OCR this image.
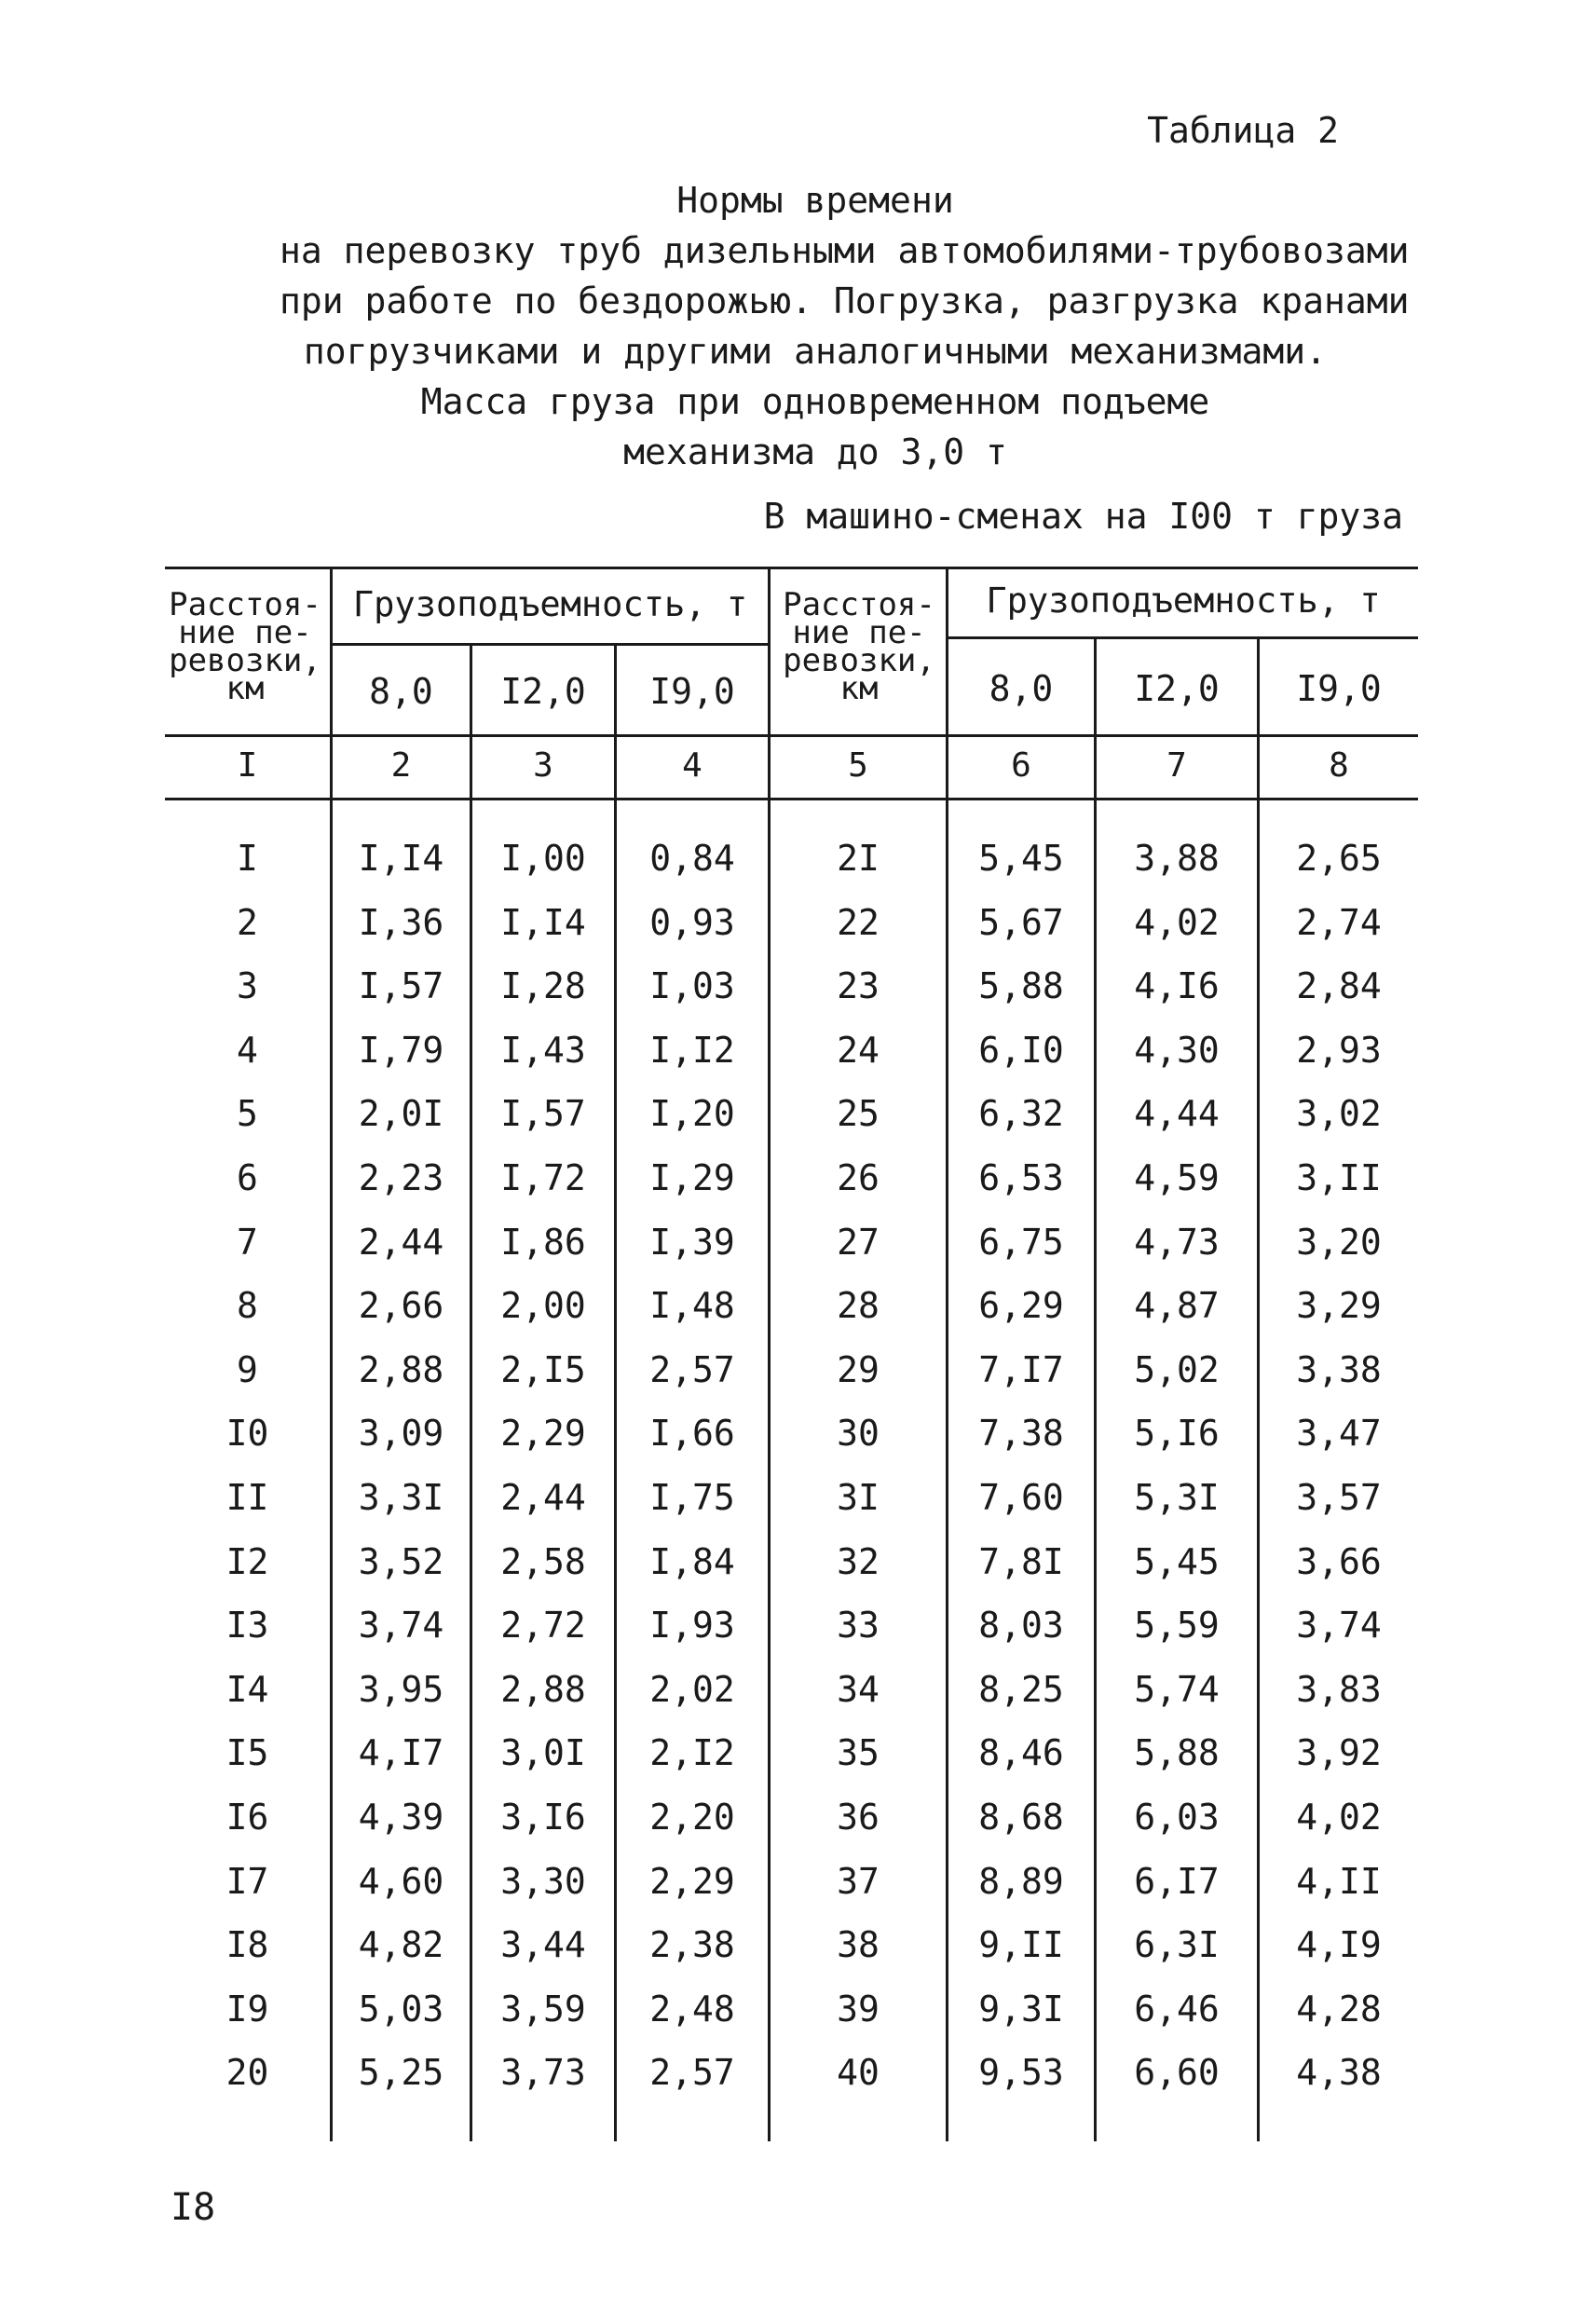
Таблица 2
Нормы времени
на перевозку труб дизельными автомобилями-трубовозами
при работе по бездорожью. Погрузка, разгрузка кранами
погрузчиками и другими аналогичными механизмами.
Масса груза при одновременном подъеме
механизма до 3,0 т
В машино-сменах на I00 т груза
Расстоя-ние пе-ревозки, км
Грузоподъемность, т
8,0	I2,0	I9,0
Расстоя-ние пе-ревозки, км
Грузоподъемность, т
8,0	I2,0	I9,0
I	2	3	4	5	6	7	8
I	I,I4	I,00	0,84	2I	5,45	3,88	2,65
2	I,36	I,I4	0,93	22	5,67	4,02	2,74
3	I,57	I,28	I,03	23	5,88	4,I6	2,84
4	I,79	I,43	I,I2	24	6,I0	4,30	2,93
5	2,0I	I,57	I,20	25	6,32	4,44	3,02
6	2,23	I,72	I,29	26	6,53	4,59	3,II
7	2,44	I,86	I,39	27	6,75	4,73	3,20
8	2,66	2,00	I,48	28	6,29	4,87	3,29
9	2,88	2,I5	2,57	29	7,I7	5,02	3,38
I0	3,09	2,29	I,66	30	7,38	5,I6	3,47
II	3,3I	2,44	I,75	3I	7,60	5,3I	3,57
I2	3,52	2,58	I,84	32	7,8I	5,45	3,66
I3	3,74	2,72	I,93	33	8,03	5,59	3,74
I4	3,95	2,88	2,02	34	8,25	5,74	3,83
I5	4,I7	3,0I	2,I2	35	8,46	5,88	3,92
I6	4,39	3,I6	2,20	36	8,68	6,03	4,02
I7	4,60	3,30	2,29	37	8,89	6,I7	4,II
I8	4,82	3,44	2,38	38	9,II	6,3I	4,I9
I9	5,03	3,59	2,48	39	9,3I	6,46	4,28
20	5,25	3,73	2,57	40	9,53	6,60	4,38
I8
